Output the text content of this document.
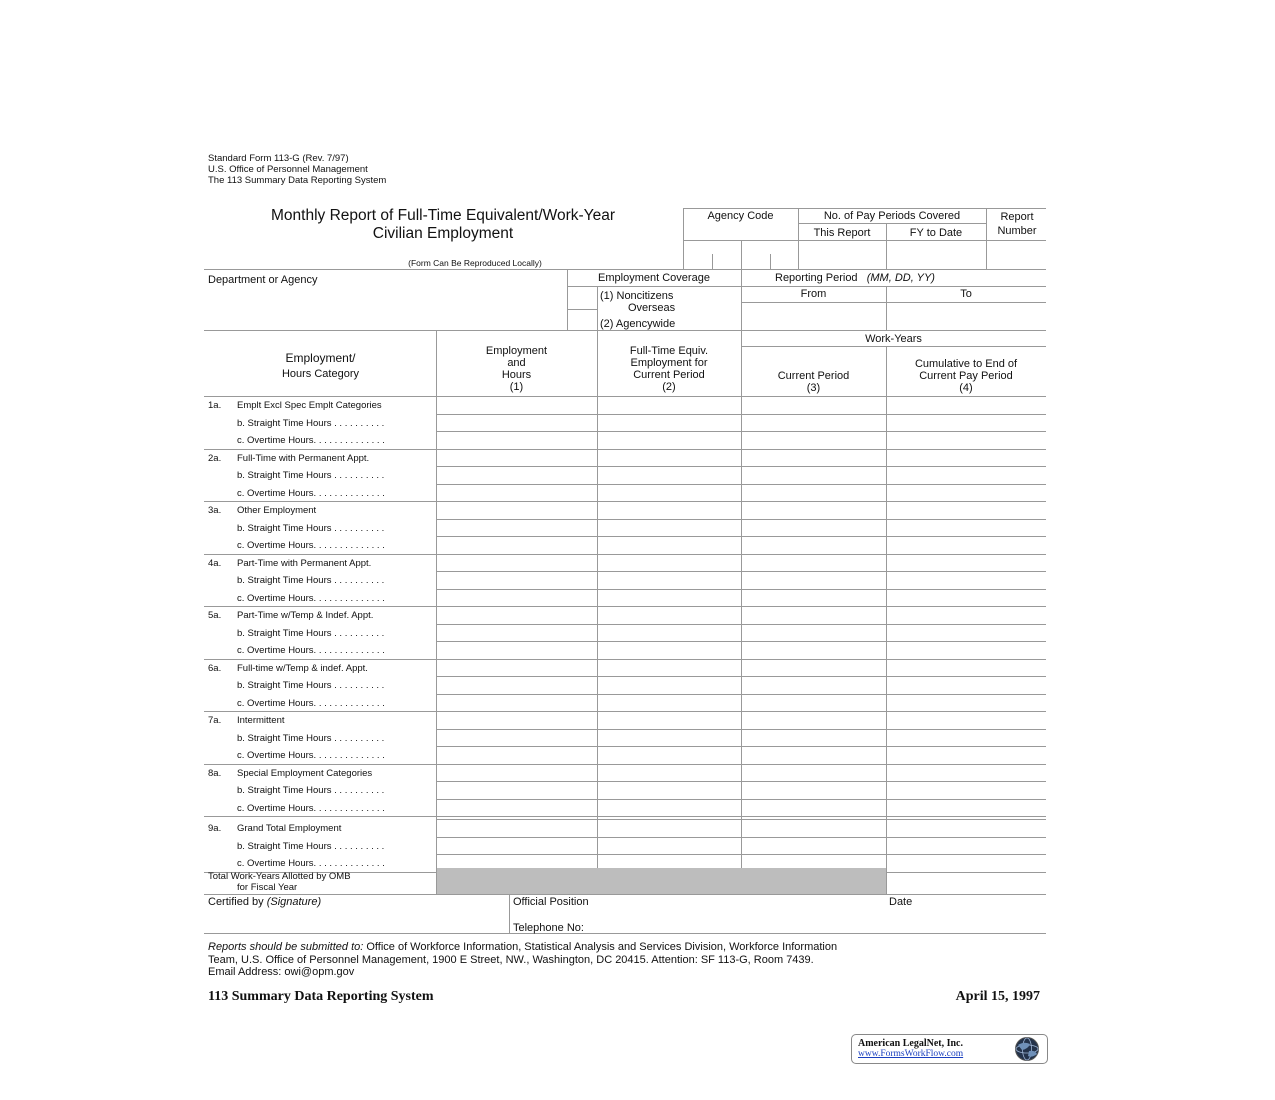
Standard Form 113-G (Rev. 7/97)
U.S. Office of Personnel Management
The 113 Summary Data Reporting System
Monthly Report of Full-Time Equivalent/Work-Year
Civilian Employment
(Form Can Be Reproduced Locally)
Agency Code	No. of Pay Periods Covered
This Report	FY to Date
Report Number
Department or Agency	Employment Coverage
(1) Noncitizens
Overseas
(2) Agencywide
Reporting Period (MM, DD, YY)
From	To
Employment/
Hours Category
Employment
and
Hours
(1)
Full-Time Equiv.
Employment for
Current Period
(2)
Work-Years
Current Period
(3)
Cumulative to End of
Current Pay Period
(4)
1a. Emplt Excl Spec Emplt Categories
b. Straight Time Hours . . . . . . . . . .
c. Overtime Hours. . . . . . . . . . . . . .
2a. Full-Time with Permanent Appt.
b. Straight Time Hours . . . . . . . . . .
c. Overtime Hours. . . . . . . . . . . . . .
3a. Other Employment
b. Straight Time Hours . . . . . . . . . .
c. Overtime Hours. . . . . . . . . . . . . .
4a. Part-Time with Permanent Appt.
b. Straight Time Hours . . . . . . . . . .
c. Overtime Hours. . . . . . . . . . . . . .
5a. Part-Time w/Temp & Indef. Appt.
b. Straight Time Hours . . . . . . . . . .
c. Overtime Hours. . . . . . . . . . . . . .
6a. Full-time w/Temp & indef. Appt.
b. Straight Time Hours . . . . . . . . . .
c. Overtime Hours. . . . . . . . . . . . . .
7a. Intermittent
b. Straight Time Hours . . . . . . . . . .
c. Overtime Hours. . . . . . . . . . . . . .
8a. Special Employment Categories
b. Straight Time Hours . . . . . . . . . .
c. Overtime Hours. . . . . . . . . . . . . .
9a. Grand Total Employment
b. Straight Time Hours . . . . . . . . . .
c. Overtime Hours. . . . . . . . . . . . . .
Total Work-Years Allotted by OMB
for Fiscal Year
Certified by (Signature)	Official Position
Telephone No:
Date
Reports should be submitted to: Office of Workforce Information, Statistical Analysis and Services Division, Workforce Information
Team, U.S. Office of Personnel Management, 1900 E Street, NW., Washington, DC 20415. Attention: SF 113-G, Room 7439.
Email Address: owi@opm.gov
113 Summary Data Reporting System	April 15, 1997
American LegalNet, Inc.
www.FormsWorkFlow.com
